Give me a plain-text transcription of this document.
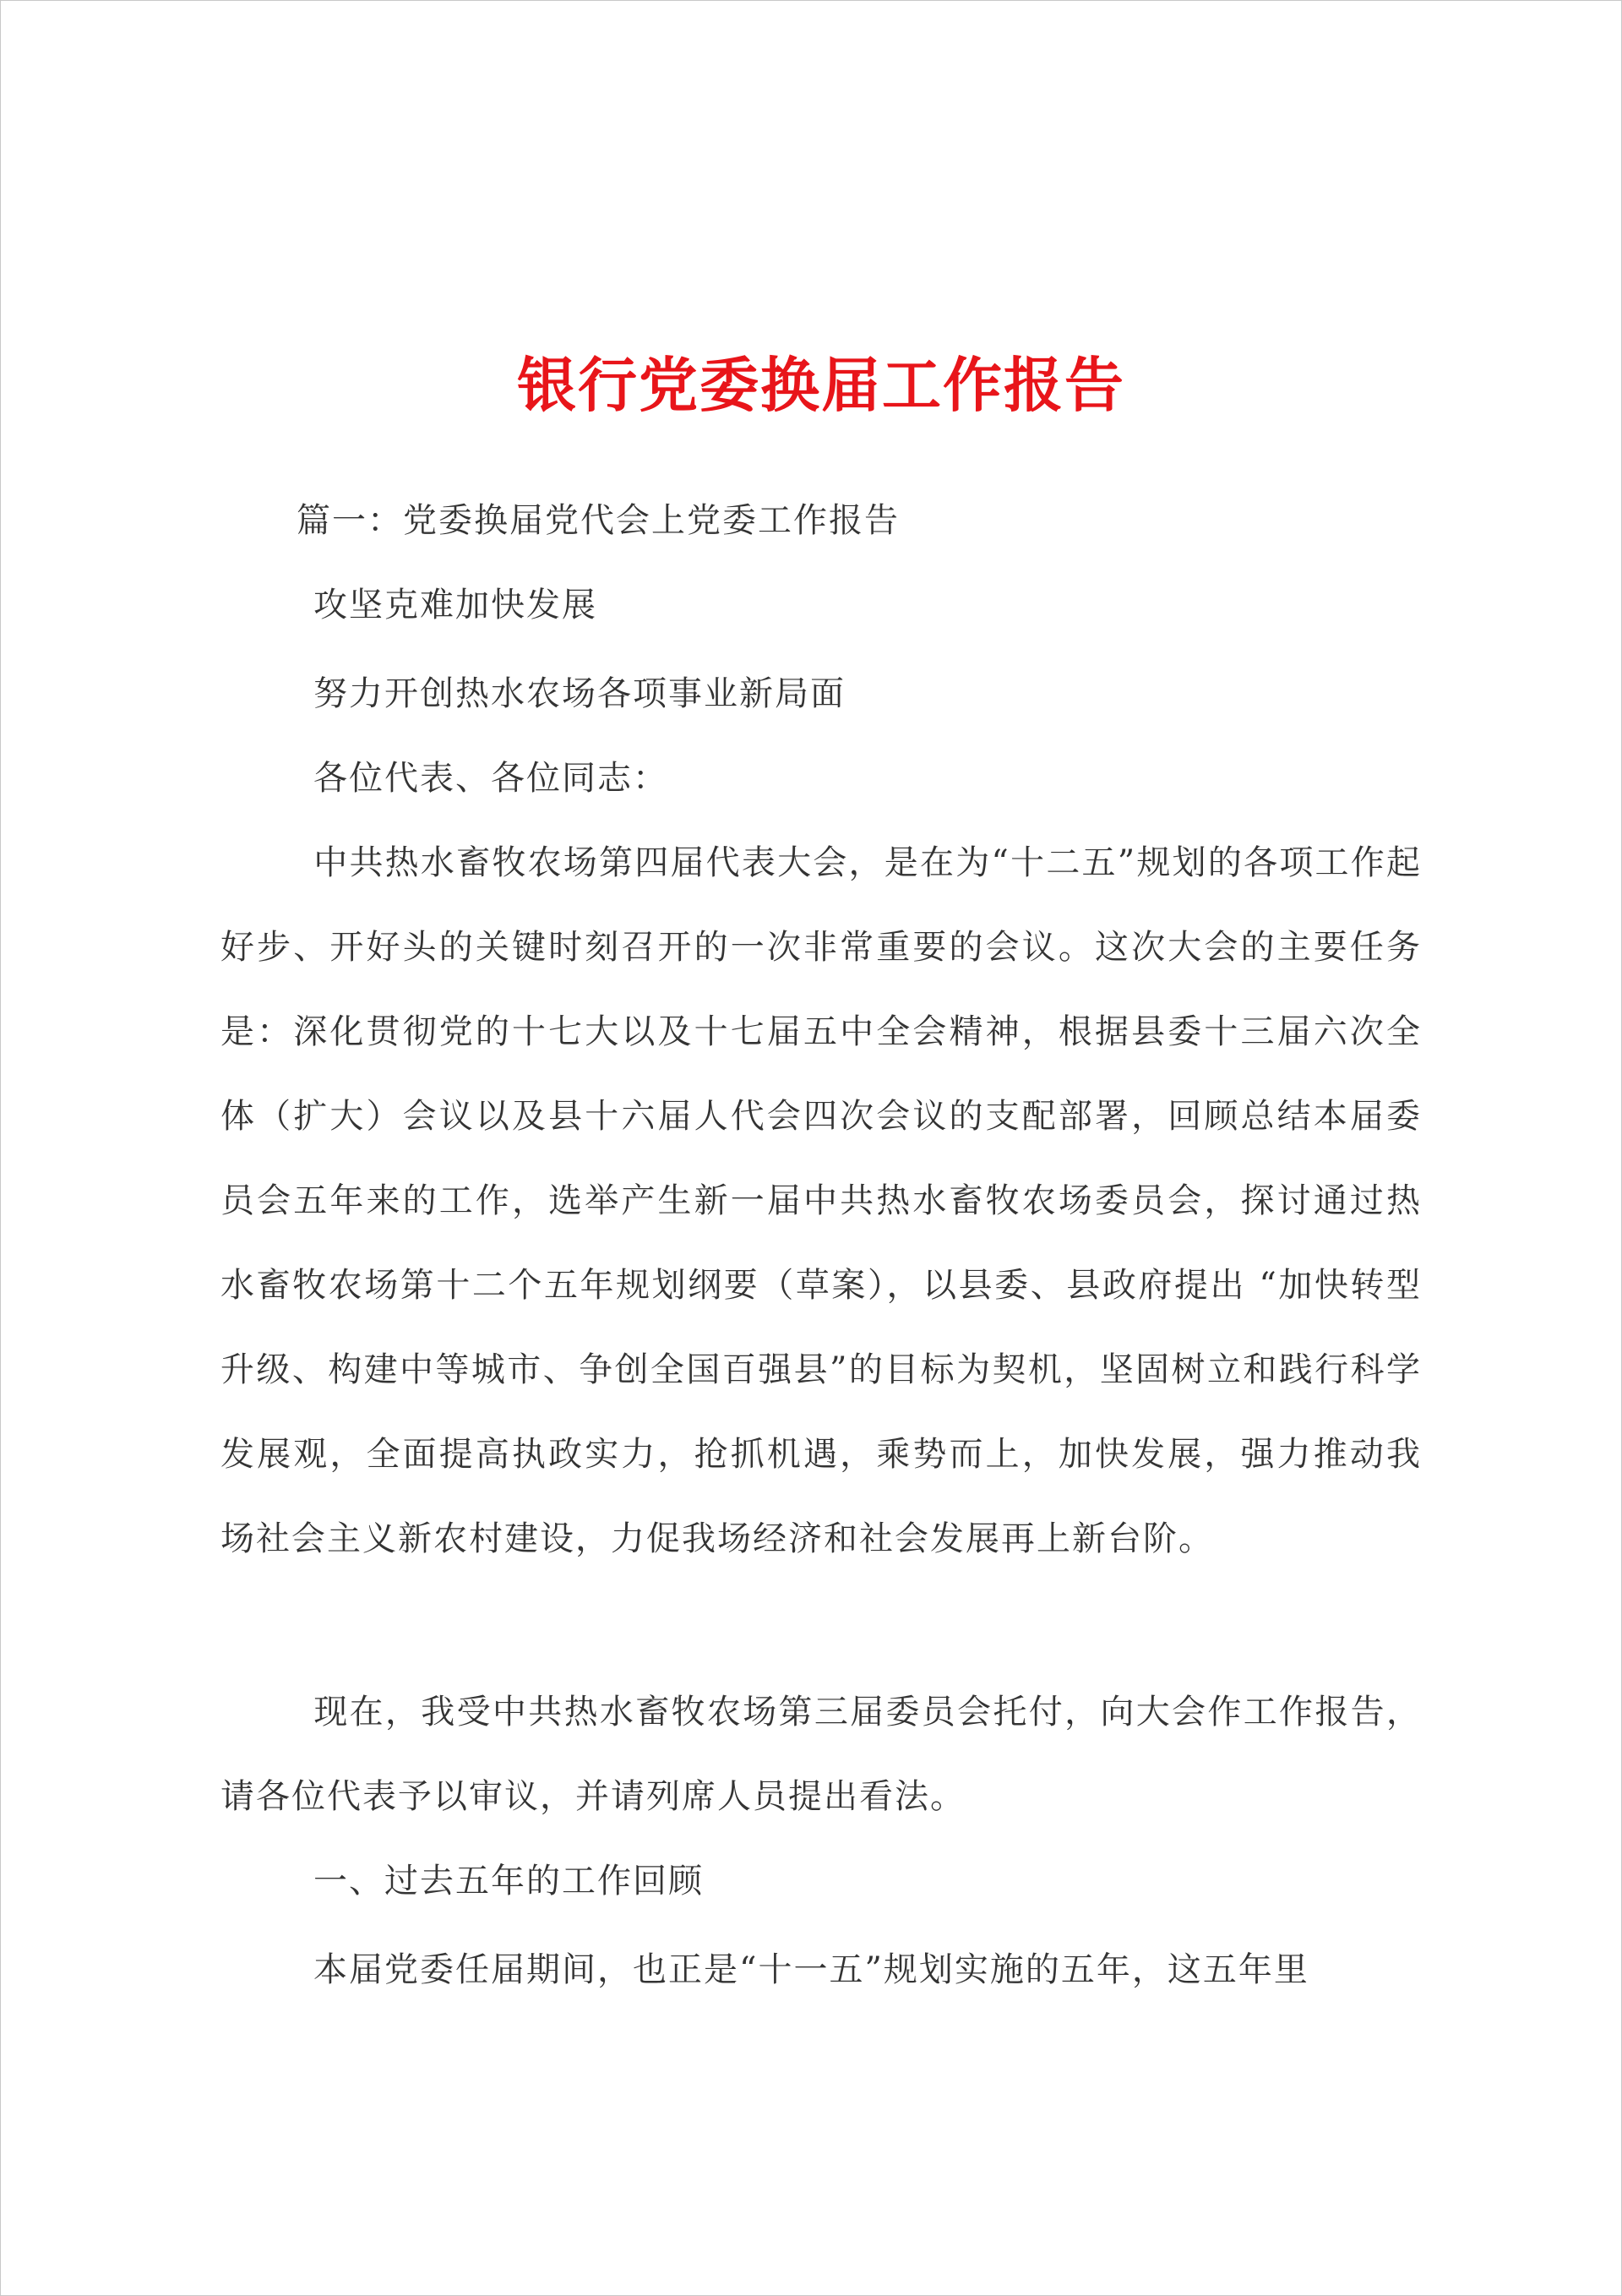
银行党委换届工作报告
篇一：党委换届党代会上党委工作报告
攻坚克难加快发展
努力开创热水农场各项事业新局面
各位代表、各位同志：

中共热水畜牧农场第四届代表大会，是在为“十二五”规划的各项工作起好步、开好头的关键时刻召开的一次非常重要的会议。这次大会的主要任务是：深化贯彻党的十七大以及十七届五中全会精神，根据县委十三届六次全体（扩大）会议以及县十六届人代会四次会议的支配部署，回顾总结本届委员会五年来的工作，选举产生新一届中共热水畜牧农场委员会，探讨通过热水畜牧农场第十二个五年规划纲要（草案），以县委、县政府提出 “加快转型升级、构建中等城市、争创全国百强县”的目标为契机，坚固树立和践行科学发展观，全面提高执政实力，抢抓机遇，乘势而上，加快发展，强力推动我场社会主义新农村建设，力促我场经济和社会发展再上新台阶。

现在，我受中共热水畜牧农场第三届委员会托付，向大会作工作报告，请各位代表予以审议，并请列席人员提出看法。

一、过去五年的工作回顾

本届党委任届期间，也正是“十一五”规划实施的五年，这五年里
